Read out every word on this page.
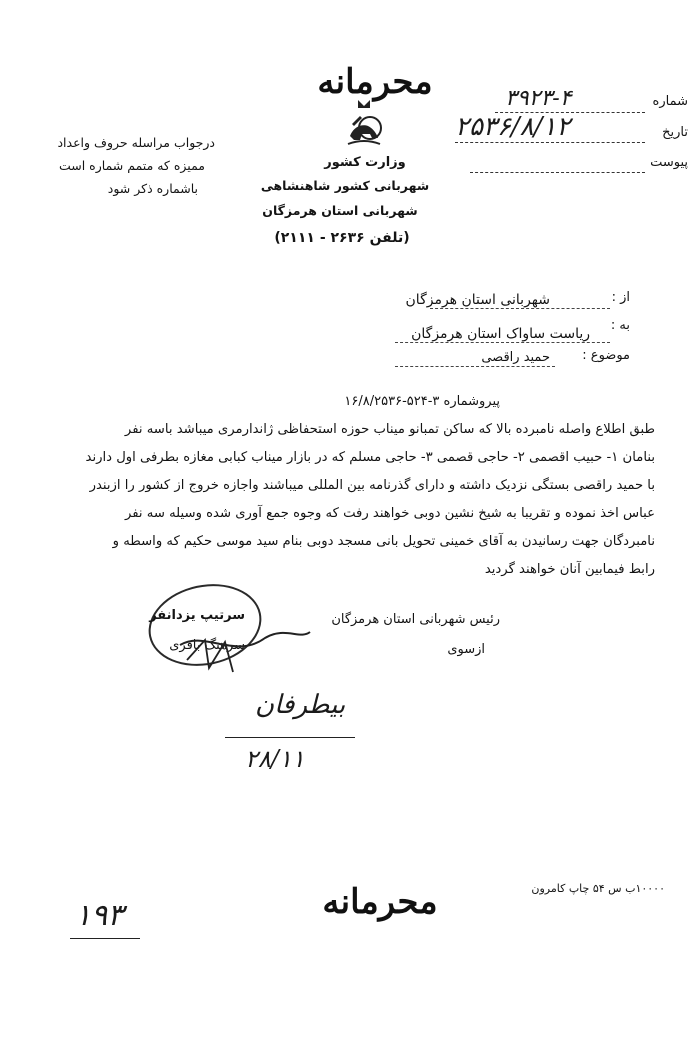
محرمانه	شماره
۳۹۲۳-۴
تاریخ
۲۵۳۶/۸/۱۲
پیوست
درجواب مراسله حروف واعداد
ممیزه که متمم شماره است
باشماره ذکر شود
وزارت کشور
شهربانی کشور شاهنشاهی
شهربانی استان هرمزگان
(تلفن ۲۶۳۶ - ۲۱۱۱)
از :
شهربانی استان هرمزگان
به :
ریاست ساواک استان هرمزگان
موضوع :
حمید راقصی
پیروشماره ۳-۵۲۴-۱۶/۸/۲۵۳۶
طبق اطلاع واصله نامبرده بالا که ساکن تمبانو میناب حوزه استحفاظی ژاندارمری میباشد باسه نفر
بنامان ۱- حبیب اقصمی ۲- حاجی قصمی ۳- حاجی مسلم که در بازار میناب کبابی مغازه بطرفی اول دارند
با حمید راقصی بستگی نزدیک داشته و دارای گذرنامه بین المللی میباشند واجازه خروج از کشور را ازبندر
عباس اخذ نموده و تقریبا به شیخ نشین دوبی خواهند رفت که وجوه جمع آوری شده وسیله سه نفر
نامبردگان جهت رسانیدن به آقای خمینی تحویل بانی مسجد دوبی بنام سید موسی حکیم که واسطه و
رابط فیمابین آنان خواهند گردید
رئیس شهربانی استان هرمزگان
سرتیپ یزدانفر
سرهنگ باقری	ازسوی
بیطرفان
۲۸/۱۱
۱۰۰۰۰ب س ۵۴ چاپ کامرون
محرمانه
۱۹۳
